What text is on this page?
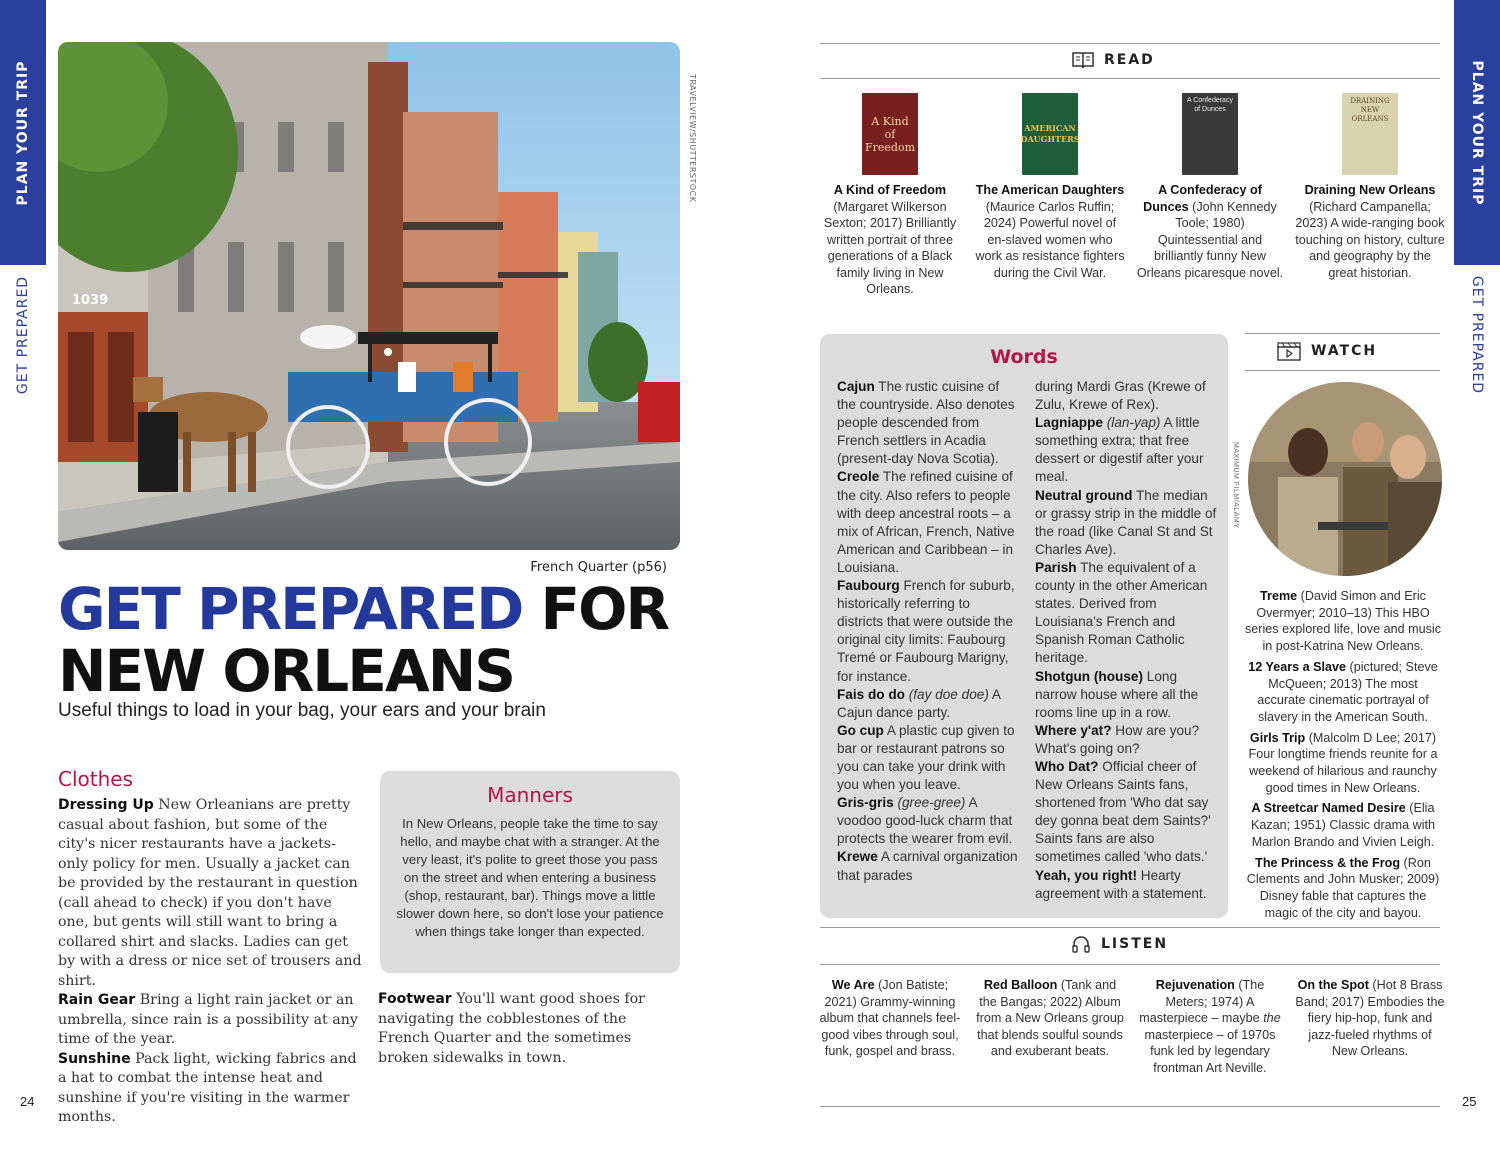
PLAN YOUR TRIP
GET PREPARED
PLAN YOUR TRIP
GET PREPARED
1039
TRAVELVIEW/SHUTTERSTOCK
French Quarter (p56)
GET PREPARED FOR
NEW ORLEANS
Useful things to load in your bag, your ears and your brain
Clothes
Dressing Up New Orleanians are pretty casual about fashion, but some of the city's nicer restaurants have a jackets-only policy for men. Usually a jacket can be provided by the restaurant in question (call ahead to check) if you don't have one, but gents will still want to bring a collared shirt and slacks. Ladies can get by with a dress or nice set of trousers and shirt.
Rain Gear Bring a light rain jacket or an umbrella, since rain is a possibility at any time of the year.
Sunshine Pack light, wicking fabrics and a hat to combat the intense heat and sunshine if you're visiting in the warmer months.
Manners

In New Orleans, people take the time to say hello, and maybe chat with a stranger. At the very least, it's polite to greet those you pass on the street and when entering a business (shop, restaurant, bar). Things move a little slower down here, so don't lose your patience when things take longer than expected.

Footwear You'll want good shoes for navigating the cobblestones of the French Quarter and the sometimes broken sidewalks in town.
24	25
READ
A Kind of Freedom
A Kind of Freedom (Margaret Wilkerson Sexton; 2017) Brilliantly written portrait of three generations of a Black family living in New Orleans.
AMERICAN DAUGHTERS
The American Daughters (Maurice Carlos Ruffin; 2024) Powerful novel of en-slaved women who work as resistance fighters during the Civil War.
A Confederacy of Dunces
A Confederacy of Dunces (John Kennedy Toole; 1980) Quintessential and brilliantly funny New Orleans picaresque novel.
DRAINING NEW ORLEANS
Draining New Orleans (Richard Campanella; 2023) A wide-ranging book touching on history, culture and geography by the great historian.
Words
Cajun The rustic cuisine of the countryside. Also denotes people descended from French settlers in Acadia (present-day Nova Scotia).
Creole The refined cuisine of the city. Also refers to people with deep ancestral roots – a mix of African, French, Native American and Caribbean – in Louisiana.
Faubourg French for suburb, historically referring to districts that were outside the original city limits: Faubourg Tremé or Faubourg Marigny, for instance.
Fais do do (fay doe doe) A Cajun dance party.
Go cup A plastic cup given to bar or restaurant patrons so you can take your drink with you when you leave.
Gris-gris (gree-gree) A voodoo good-luck charm that protects the wearer from evil.
Krewe A carnival organization that parades
during Mardi Gras (Krewe of Zulu, Krewe of Rex).
Lagniappe (lan-yap) A little something extra; that free dessert or digestif after your meal.
Neutral ground The median or grassy strip in the middle of the road (like Canal St and St Charles Ave).
Parish The equivalent of a county in the other American states. Derived from Louisiana's French and Spanish Roman Catholic heritage.
Shotgun (house) Long narrow house where all the rooms line up in a row.
Where y'at? How are you? What's going on?
Who Dat? Official cheer of New Orleans Saints fans, shortened from 'Who dat say dey gonna beat dem Saints?' Saints fans are also sometimes called 'who dats.'
Yeah, you right! Hearty agreement with a statement.
WATCH
MAXIMUM FILM/ALAMY

Treme (David Simon and Eric Overmyer; 2010–13) This HBO series explored life, love and music in post-Katrina New Orleans.

12 Years a Slave (pictured; Steve McQueen; 2013) The most accurate cinematic portrayal of slavery in the American South.

Girls Trip (Malcolm D Lee; 2017) Four longtime friends reunite for a weekend of hilarious and raunchy good times in New Orleans.

A Streetcar Named Desire (Elia Kazan; 1951) Classic drama with Marlon Brando and Vivien Leigh.

The Princess & the Frog (Ron Clements and John Musker; 2009) Disney fable that captures the magic of the city and bayou.

LISTEN
We Are (Jon Batiste; 2021) Grammy-winning album that channels feel-good vibes through soul, funk, gospel and brass.
Red Balloon (Tank and the Bangas; 2022) Album from a New Orleans group that blends soulful sounds and exuberant beats.
Rejuvenation (The Meters; 1974) A masterpiece – maybe the masterpiece – of 1970s funk led by legendary frontman Art Neville.
On the Spot (Hot 8 Brass Band; 2017) Embodies the fiery hip-hop, funk and jazz-fueled rhythms of New Orleans.
